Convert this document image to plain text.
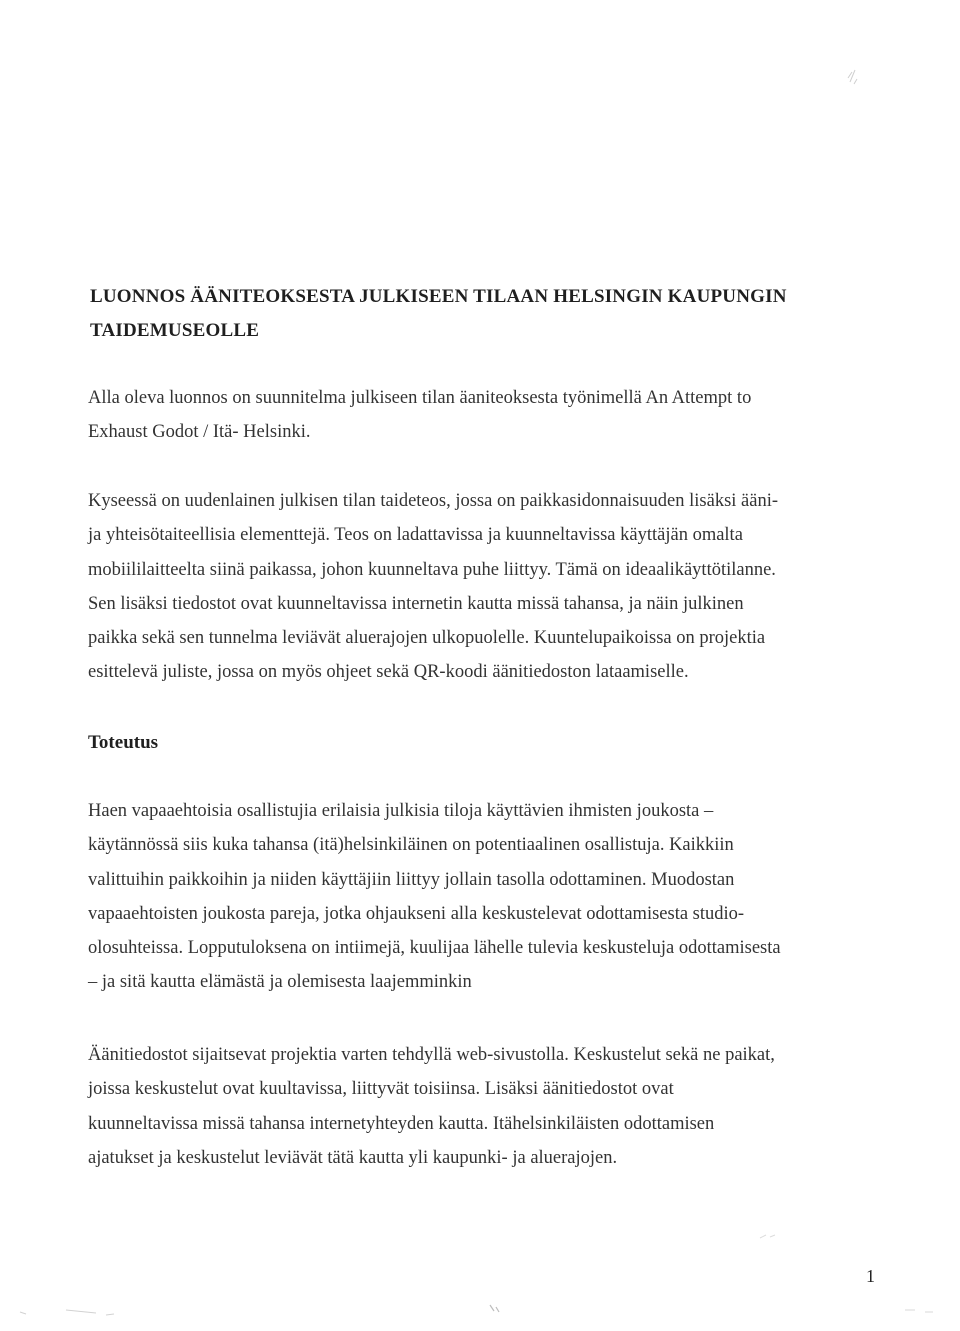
LUONNOS ÄÄNITEOKSESTA JULKISEEN TILAAN HELSINGIN KAUPUNGIN
TAIDEMUSEOLLE
Alla oleva luonnos on suunnitelma julkiseen tilan äaniteoksesta työnimellä An Attempt to
Exhaust Godot / Itä- Helsinki.
Kyseessä on uudenlainen julkisen tilan taideteos, jossa on paikkasidonnaisuuden lisäksi ääni-
ja yhteisötaiteellisia elementtejä. Teos on ladattavissa ja kuunneltavissa käyttäjän omalta
mobiililaitteelta siinä paikassa, johon kuunneltava puhe liittyy. Tämä on ideaalikäyttötilanne.
Sen lisäksi tiedostot ovat kuunneltavissa internetin kautta missä tahansa, ja näin julkinen
paikka sekä sen tunnelma leviävät aluerajojen ulkopuolelle. Kuuntelupaikoissa on projektia
esittelevä juliste, jossa on myös ohjeet sekä QR-koodi äänitiedoston lataamiselle.
Toteutus
Haen vapaaehtoisia osallistujia erilaisia julkisia tiloja käyttävien ihmisten joukosta –
käytännössä siis kuka tahansa (itä)helsinkiläinen on potentiaalinen osallistuja. Kaikkiin
valittuihin paikkoihin ja niiden käyttäjiin liittyy jollain tasolla odottaminen. Muodostan
vapaaehtoisten joukosta pareja, jotka ohjaukseni alla keskustelevat odottamisesta studio-
olosuhteissa. Lopputuloksena on intiimejä, kuulijaa lähelle tulevia keskusteluja odottamisesta
– ja sitä kautta elämästä ja olemisesta laajemminkin
Äänitiedostot sijaitsevat projektia varten tehdyllä web-sivustolla. Keskustelut sekä ne paikat,
joissa keskustelut ovat kuultavissa, liittyvät toisiinsa. Lisäksi äänitiedostot ovat
kuunneltavissa missä tahansa internetyhteyden kautta. Itähelsinkiläisten odottamisen
ajatukset ja keskustelut leviävät tätä kautta yli kaupunki- ja aluerajojen.
1
